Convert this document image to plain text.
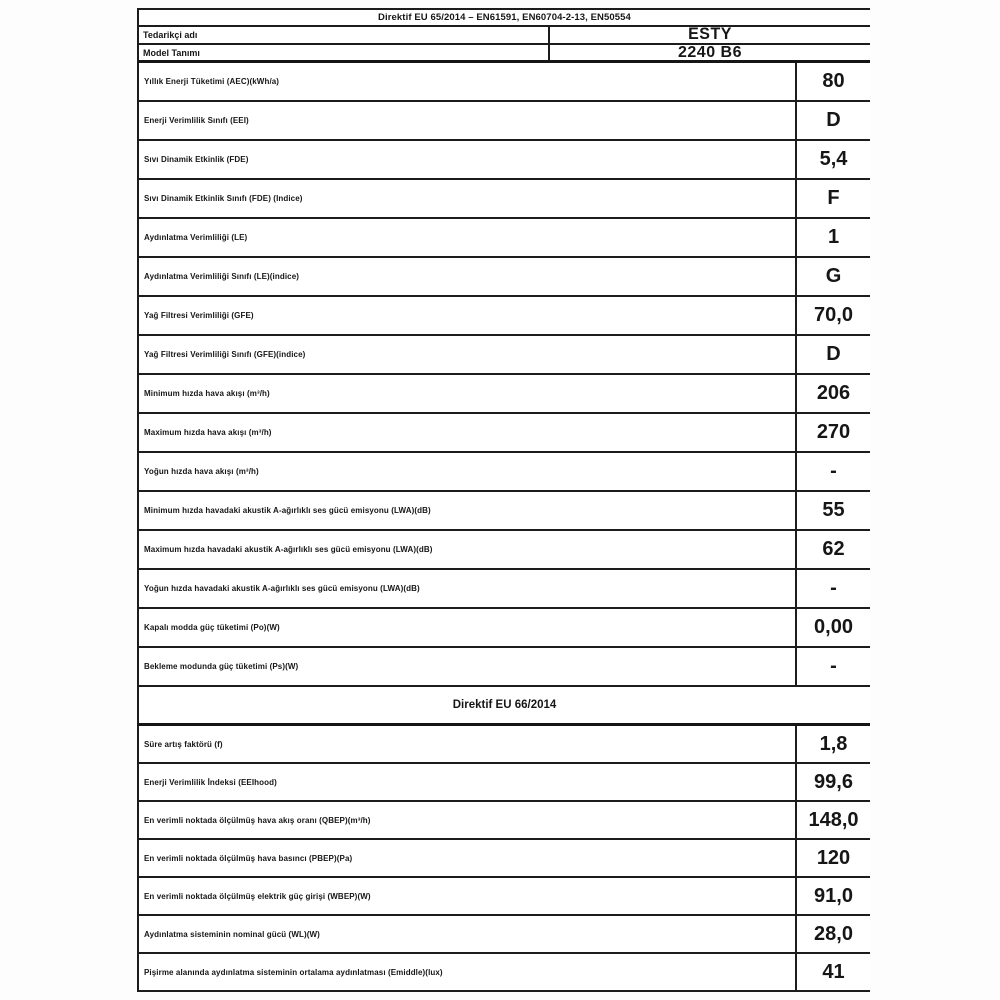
Direktif EU 65/2014 – EN61591, EN60704-2-13, EN50554
Tedarikçi adı	ESTY
Model Tanımı	2240 B6
Yıllık Enerji Tüketimi (AEC)(kWh/a)	80
Enerji Verimlilik Sınıfı (EEI)	D
Sıvı Dinamik Etkinlik (FDE)	5,4
Sıvı Dinamik Etkinlik Sınıfı (FDE) (Indice)	F
Aydınlatma Verimliliği (LE)	1
Aydınlatma Verimliliği Sınıfı (LE)(indice)	G
Yağ Filtresi Verimliliği (GFE)	70,0
Yağ Filtresi Verimliliği Sınıfı (GFE)(indice)	D
Minimum hızda hava akışı (m³/h)	206
Maximum hızda hava akışı (m³/h)	270
Yoğun hızda hava akışı (m³/h)	-
Minimum hızda havadaki akustik A-ağırlıklı ses gücü emisyonu (LWA)(dB)	55
Maximum hızda havadaki akustik A-ağırlıklı ses gücü emisyonu (LWA)(dB)	62
Yoğun hızda havadaki akustik A-ağırlıklı ses gücü emisyonu (LWA)(dB)	-
Kapalı modda güç tüketimi (Po)(W)	0,00
Bekleme modunda güç tüketimi (Ps)(W)	-
Direktif EU 66/2014
Süre artış faktörü (f)	1,8
Enerji Verimlilik İndeksi (EEIhood)	99,6
En verimli noktada ölçülmüş hava akış oranı (QBEP)(m³/h)	148,0
En verimli noktada ölçülmüş hava basıncı (PBEP)(Pa)	120
En verimli noktada ölçülmüş elektrik güç girişi (WBEP)(W)	91,0
Aydınlatma sisteminin nominal gücü (WL)(W)	28,0
Pişirme alanında aydınlatma sisteminin ortalama aydınlatması (Emiddle)(lux)	41
